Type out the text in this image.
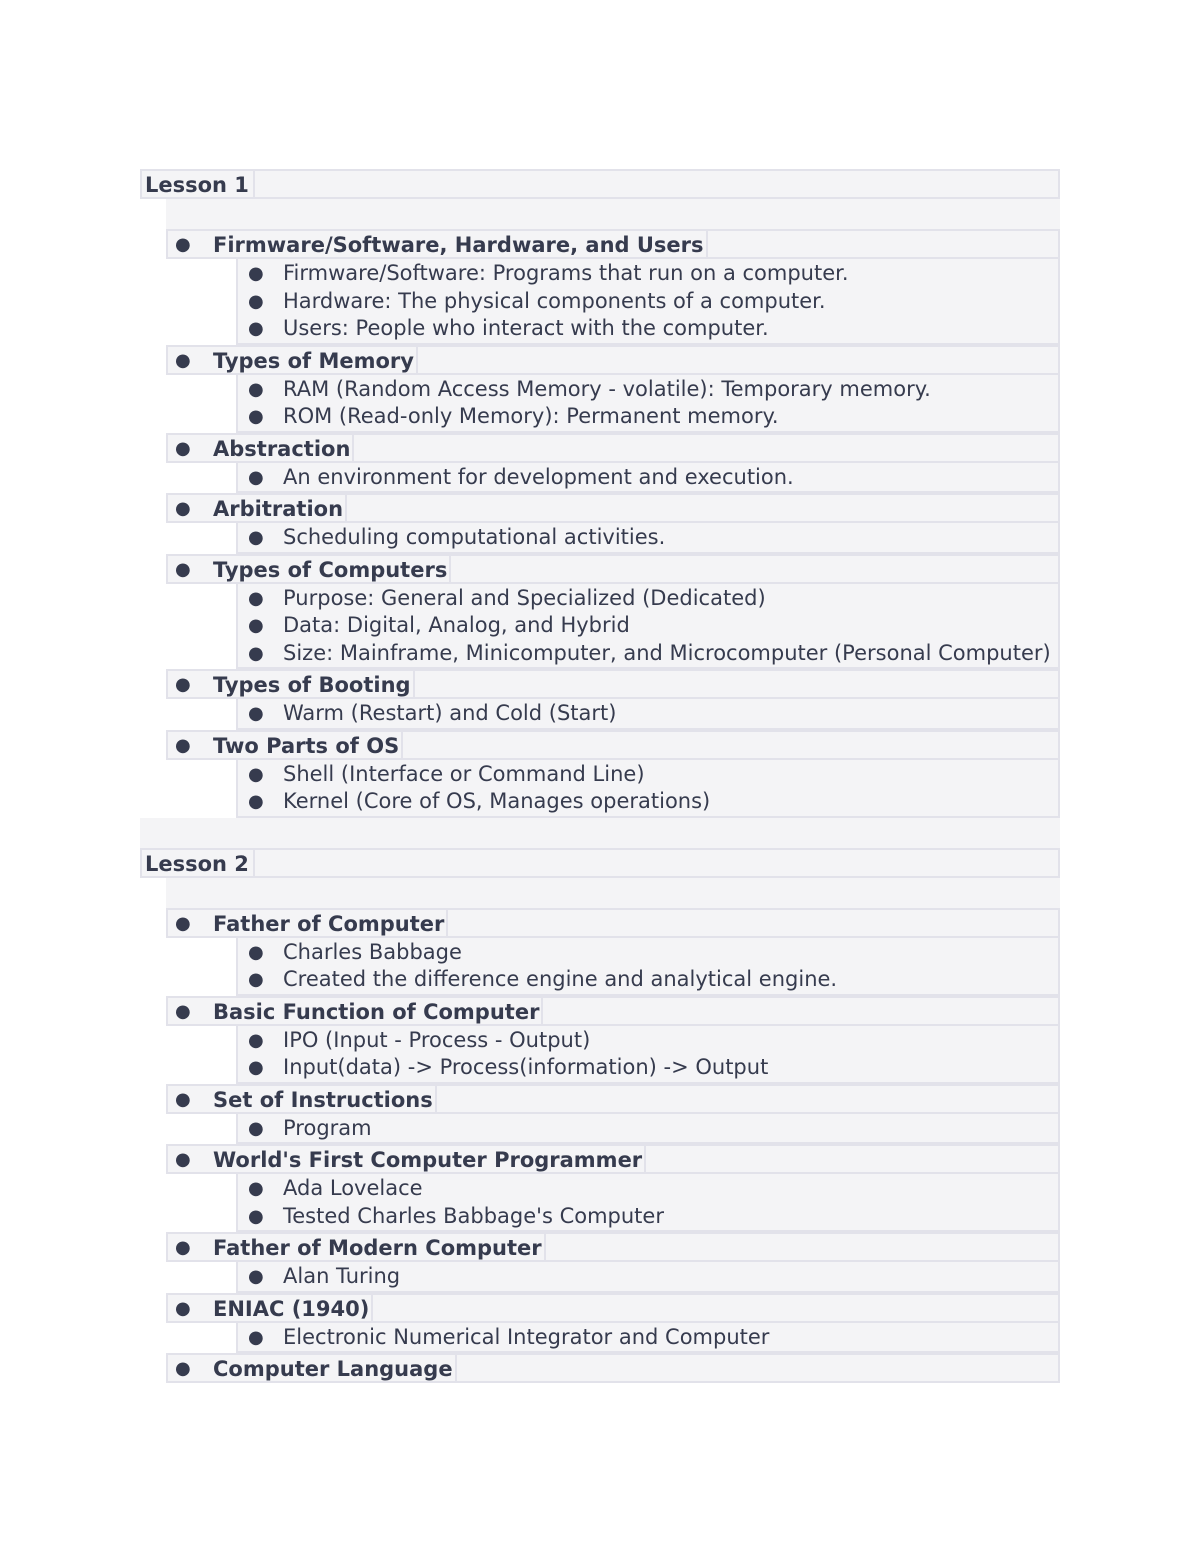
Lesson 1
● Firmware/Software, Hardware, and Users
● Firmware/Software: Programs that run on a computer.
● Hardware: The physical components of a computer.
● Users: People who interact with the computer.
● Types of Memory
● RAM (Random Access Memory - volatile): Temporary memory.
● ROM (Read-only Memory): Permanent memory.
● Abstraction
● An environment for development and execution.
● Arbitration
● Scheduling computational activities.
● Types of Computers
● Purpose: General and Specialized (Dedicated)
● Data: Digital, Analog, and Hybrid
● Size: Mainframe, Minicomputer, and Microcomputer (Personal Computer)
● Types of Booting
● Warm (Restart) and Cold (Start)
● Two Parts of OS
● Shell (Interface or Command Line)
● Kernel (Core of OS, Manages operations)
Lesson 2
● Father of Computer
● Charles Babbage
● Created the difference engine and analytical engine.
● Basic Function of Computer
● IPO (Input - Process - Output)
● Input(data) -> Process(information) -> Output
● Set of Instructions
● Program
● World's First Computer Programmer
● Ada Lovelace
● Tested Charles Babbage's Computer
● Father of Modern Computer
● Alan Turing
● ENIAC (1940)
● Electronic Numerical Integrator and Computer
● Computer Language
